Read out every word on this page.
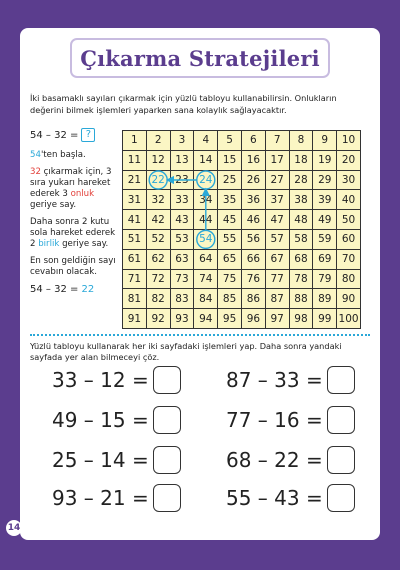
Çıkarma Stratejileri

İki basamaklı sayıları çıkarmak için yüzlü tabloyu kullanabilirsin. Onlukların değerini bilmek işlemleri yaparken sana kolaylık sağlayacaktır.

54 – 32 = ?

54'ten başla.

32 çıkarmak için, 3 sıra yukarı hareket ederek 3 onluk geriye say.

Daha sonra 2 kutu sola hareket ederek 2 birlik geriye say.

En son geldiğin sayı cevabın olacak.

54 – 32 = 22

1	2	3	4	5	6	7	8	9	10
11	12	13	14	15	16	17	18	19	20
21	22	23	24	25	26	27	28	29	30
31	32	33	34	35	36	37	38	39	40
41	42	43	44	45	46	47	48	49	50
51	52	53	54	55	56	57	58	59	60
61	62	63	64	65	66	67	68	69	70
71	72	73	74	75	76	77	78	79	80
81	82	83	84	85	86	87	88	89	90
91	92	93	94	95	96	97	98	99	100

Yüzlü tabloyu kullanarak her iki sayfadaki işlemleri yap. Daha sonra yandaki sayfada yer alan bilmeceyi çöz.

33 – 12 =
49 – 15 =
25 – 14 =
93 – 21 =
87 – 33 =
77 – 16 =
68 – 22 =
55 – 43 =
14 İşlemsel ve Matematiksel Düşünme: İki Basamaklı Sayılarla Çıkarma
